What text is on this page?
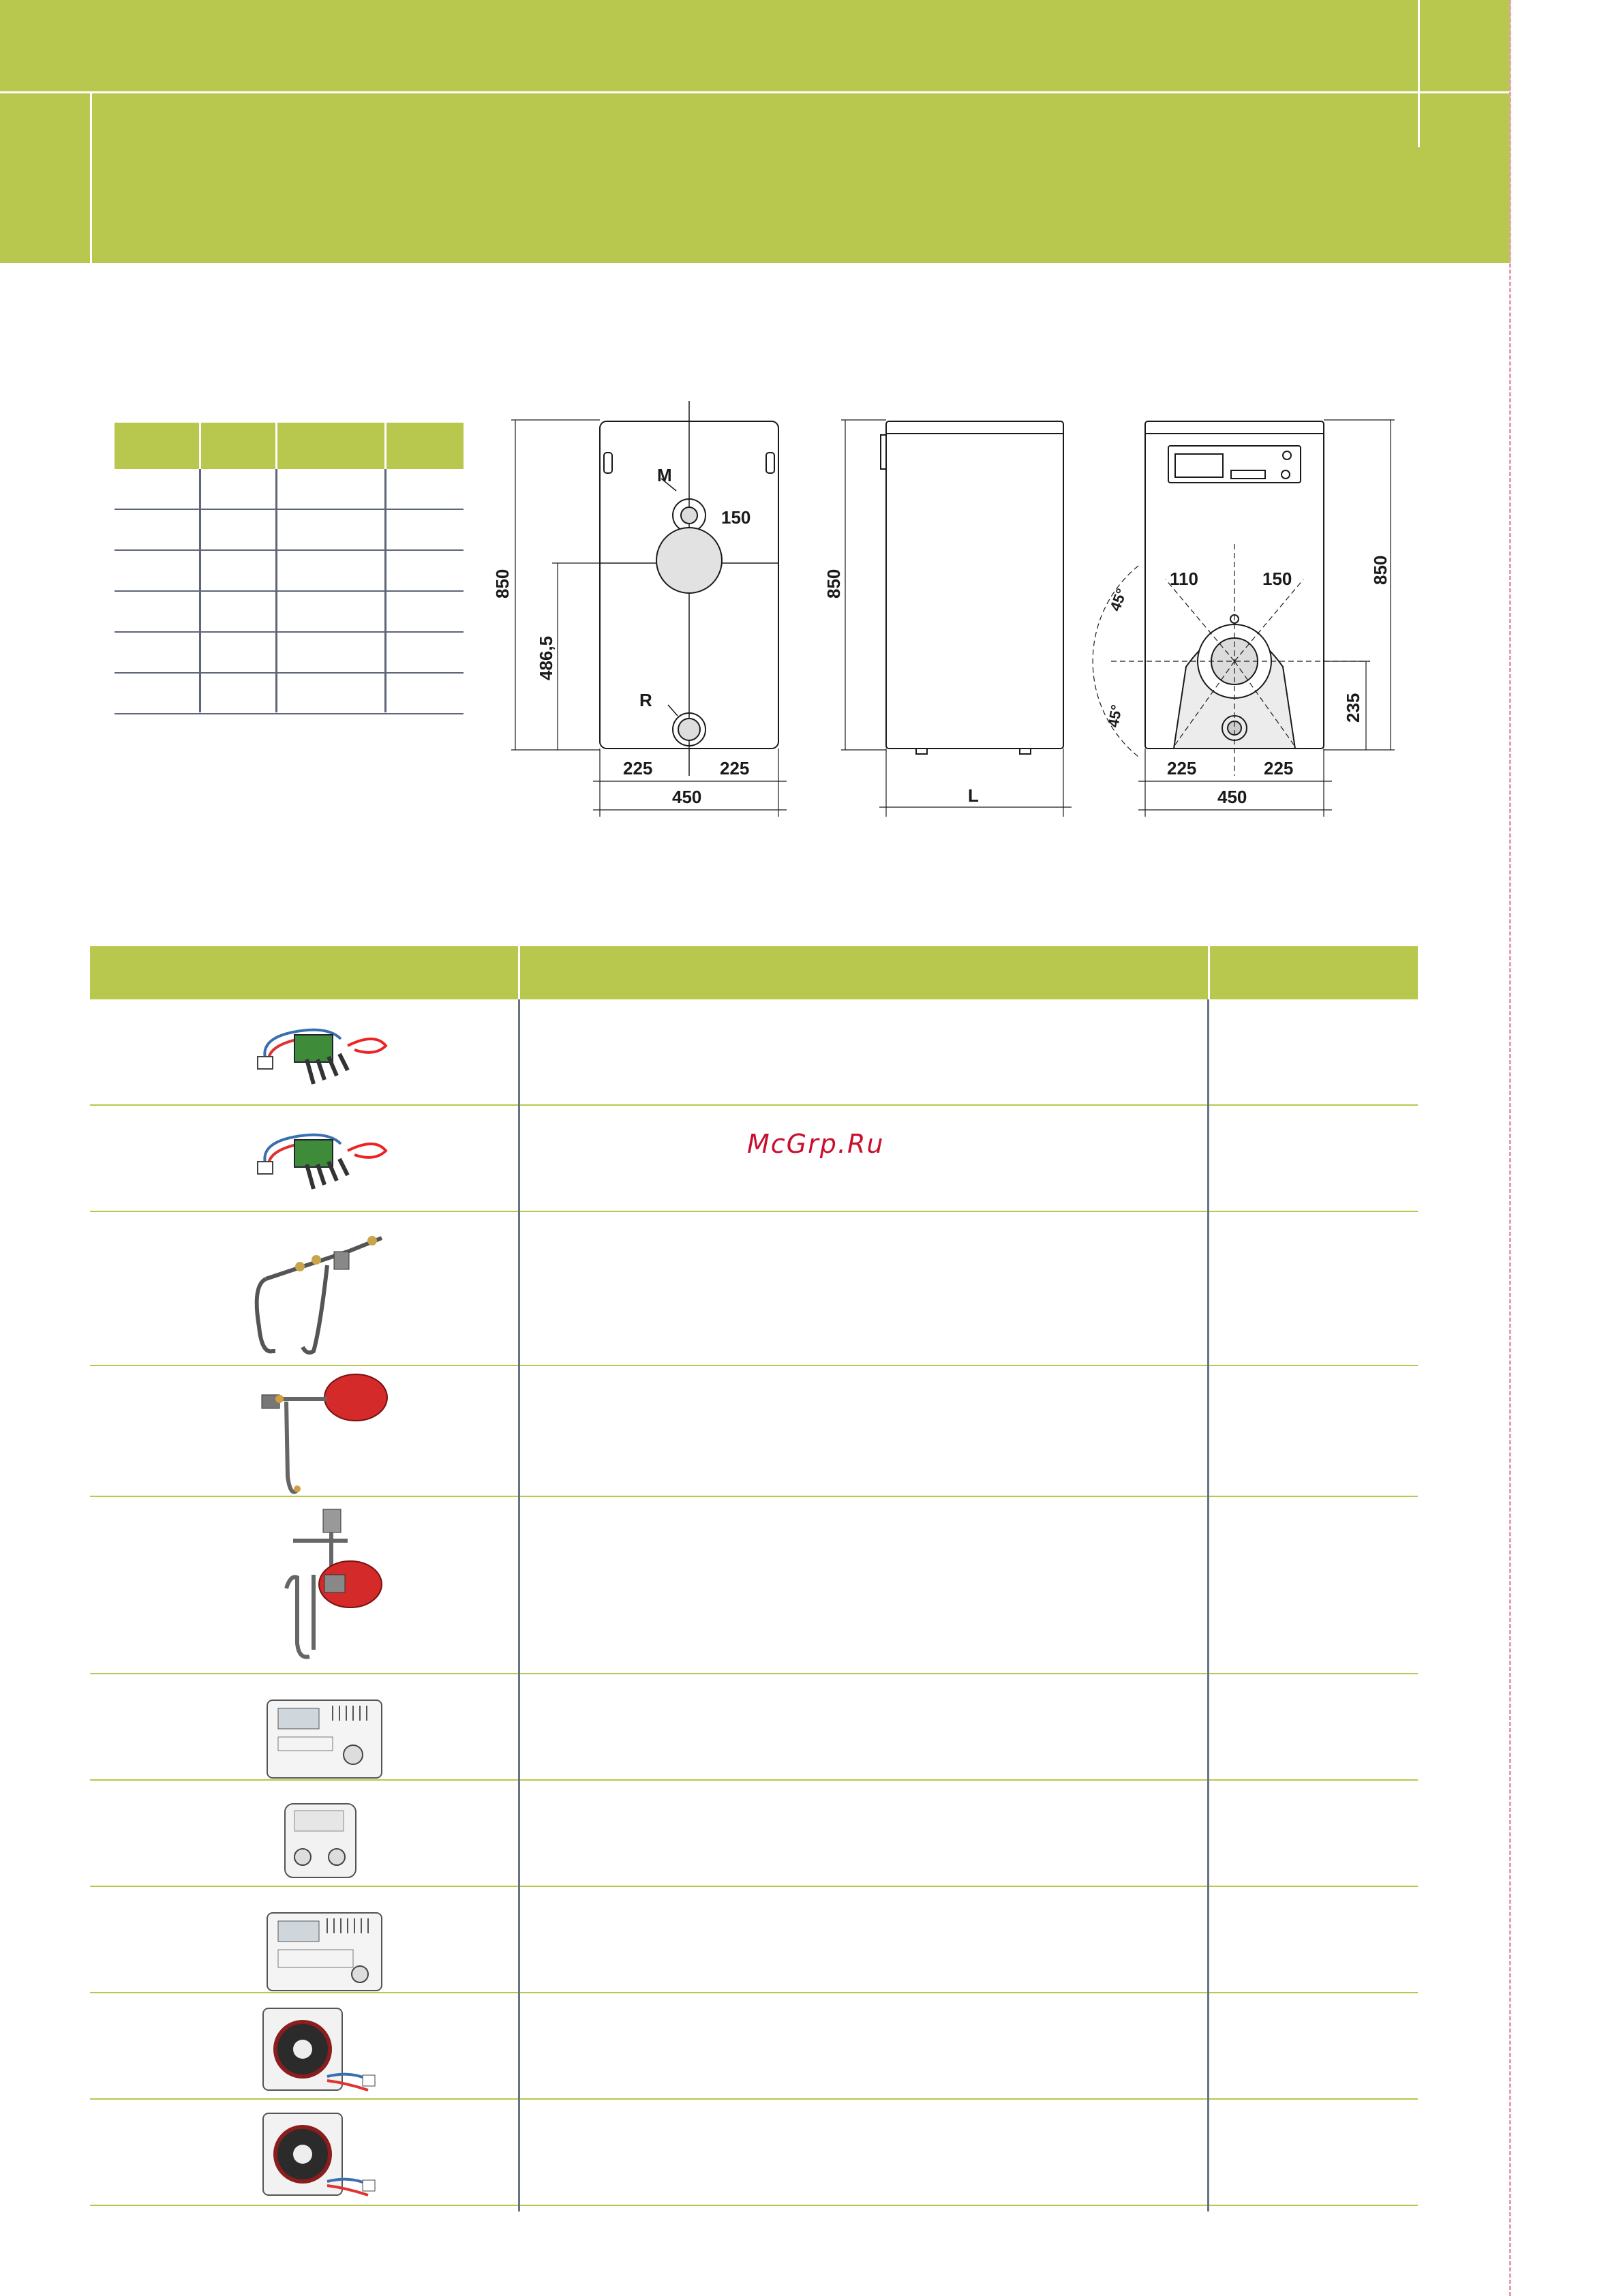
M
150
R
850
486,5
225	225
450
850
L
110	150
45°
45°
850
235
225	225
450
McGrp.Ru
